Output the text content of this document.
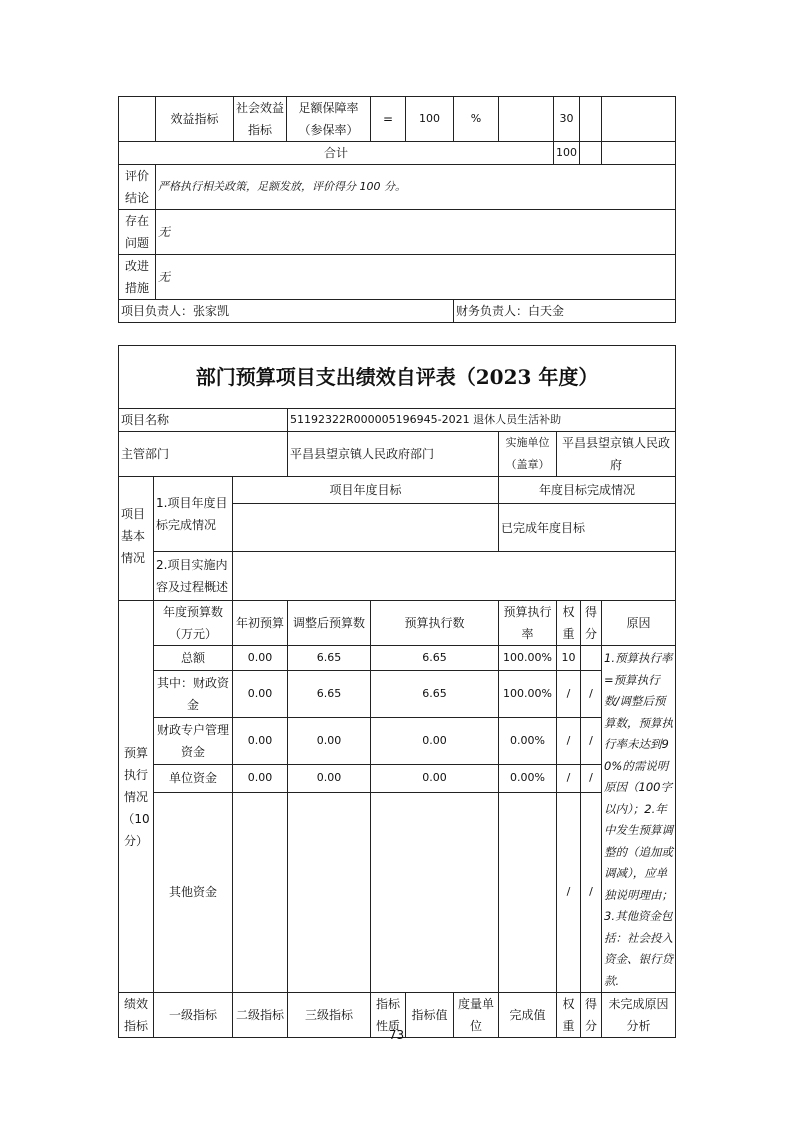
	效益指标	社会效益指标	足额保障率（参保率）	=	100	%		30		
合计								100		
评价结论	严格执行相关政策，足额发放，评价得分 100 分。									
存在问题	无									
改进措施	无									
项目负责人：张家凯						财务负责人：白天金				
部门预算项目支出绩效自评表（2023 年度）										
项目名称			51192322R000005196945-2021 退休人员生活补助							
主管部门			平昌县望京镇人民政府部门				实施单位（盖章）	平昌县望京镇人民政府		
项目基本情况	1.项目年度目标完成情况	项目年度目标					年度目标完成情况			
							已完成年度目标			
	2.项目实施内容及过程概述									
预算执行情况（10分）	年度预算数（万元）	年初预算	调整后预算数	预算执行数			预算执行率	权重	得分	原因
	总额	0.00	6.65	6.65			100.00%	10		1.预算执行率=预算执行数/调整后预算数，预算执行率未达到90%的需说明原因（100字以内）；2.年中发生预算调整的（追加或调减），应单独说明理由；3.其他资金包括：社会投入资金、银行贷款.
	其中：财政资金	0.00	6.65	6.65			100.00%	/	/	
	财政专户管理资金	0.00	0.00	0.00			0.00%	/	/	
	单位资金	0.00	0.00	0.00			0.00%	/	/	
	其他资金							/	/	
绩效指标	一级指标	二级指标	三级指标	指标性质	指标值	度量单位	完成值	权重	得分	未完成原因分析
73
